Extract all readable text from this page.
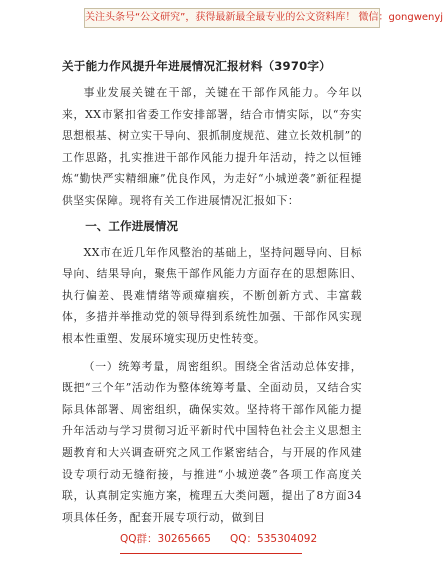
关注头条号“公文研究”，获得最新最全最专业的公文资料库！ 微信：gongwenyj
关于能力作风提升年进展情况汇报材料（3970字）

事业发展关键在干部，关键在干部作风能力。今年以来，XX市紧扣省委工作安排部署，结合市情实际，以“夯实思想根基、树立实干导向、狠抓制度规范、建立长效机制”的工作思路，扎实推进干部作风能力提升年活动，持之以恒锤炼“勤快严实精细廉”优良作风，为走好“小城逆袭”新征程提供坚实保障。现将有关工作进展情况汇报如下：

一、工作进展情况

XX市在近几年作风整治的基础上，坚持问题导向、目标导向、结果导向，聚焦干部作风能力方面存在的思想陈旧、执行偏差、畏难情绪等顽瘴痼疾，不断创新方式、丰富载体，多措并举推动党的领导得到系统性加强、干部作风实现根本性重塑、发展环境实现历史性转变。

（一）统筹考量，周密组织。围绕全省活动总体安排，既把“三个年”活动作为整体统筹考量、全面动员，又结合实际具体部署、周密组织，确保实效。坚持将干部作风能力提升年活动与学习贯彻习近平新时代中国特色社会主义思想主题教育和大兴调查研究之风工作紧密结合，与开展的作风建设专项行动无缝衔接，与推进“小城逆袭”各项工作高度关联，认真制定实施方案，梳理五大类问题，提出了8方面34项具体任务，配套开展专项行动，做到目

QQ群：30265665 QQ：535304092
